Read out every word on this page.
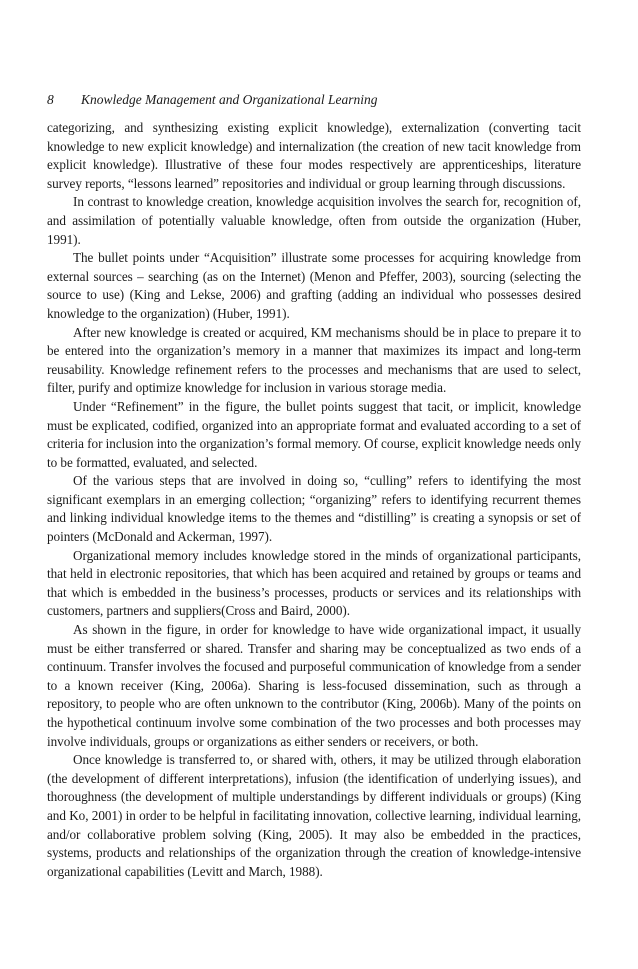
8 Knowledge Management and Organizational Learning

categorizing, and synthesizing existing explicit knowledge), externalization (converting tacit knowledge to new explicit knowledge) and internalization (the creation of new tacit knowledge from explicit knowledge). Illustrative of these four modes respectively are apprenticeships, literature survey reports, “lessons learned” repositories and individual or group learning through discussions.

In contrast to knowledge creation, knowledge acquisition involves the search for, recognition of, and assimilation of potentially valuable knowledge, often from outside the organization (Huber, 1991).

The bullet points under “Acquisition” illustrate some processes for acquiring knowledge from external sources – searching (as on the Internet) (Menon and Pfeffer, 2003), sourcing (selecting the source to use) (King and Lekse, 2006) and grafting (adding an individual who possesses desired knowledge to the organization) (Huber, 1991).

After new knowledge is created or acquired, KM mechanisms should be in place to prepare it to be entered into the organization’s memory in a manner that maximizes its impact and long-term reusability. Knowledge refinement refers to the processes and mechanisms that are used to select, filter, purify and optimize knowledge for inclusion in various storage media.

Under “Refinement” in the figure, the bullet points suggest that tacit, or implicit, knowledge must be explicated, codified, organized into an appropriate format and evaluated according to a set of criteria for inclusion into the organization’s formal memory. Of course, explicit knowledge needs only to be formatted, evaluated, and selected.

Of the various steps that are involved in doing so, “culling” refers to identifying the most significant exemplars in an emerging collection; “organizing” refers to identifying recurrent themes and linking individual knowledge items to the themes and “distilling” is creating a synopsis or set of pointers (McDonald and Ackerman, 1997).

Organizational memory includes knowledge stored in the minds of organizational participants, that held in electronic repositories, that which has been acquired and retained by groups or teams and that which is embedded in the business’s processes, products or services and its relationships with customers, partners and suppliers(Cross and Baird, 2000).

As shown in the figure, in order for knowledge to have wide organizational impact, it usually must be either transferred or shared. Transfer and sharing may be conceptualized as two ends of a continuum. Transfer involves the focused and purposeful communication of knowledge from a sender to a known receiver (King, 2006a). Sharing is less-focused dissemination, such as through a repository, to people who are often unknown to the contributor (King, 2006b). Many of the points on the hypothetical continuum involve some combination of the two processes and both processes may involve individuals, groups or organizations as either senders or receivers, or both.

Once knowledge is transferred to, or shared with, others, it may be utilized through elaboration (the development of different interpretations), infusion (the identification of underlying issues), and thoroughness (the development of multiple understandings by different individuals or groups) (King and Ko, 2001) in order to be helpful in facilitating innovation, collective learning, individual learning, and/or collaborative problem solving (King, 2005). It may also be embedded in the practices, systems, products and relationships of the organization through the creation of knowledge-intensive organizational capabilities (Levitt and March, 1988).
